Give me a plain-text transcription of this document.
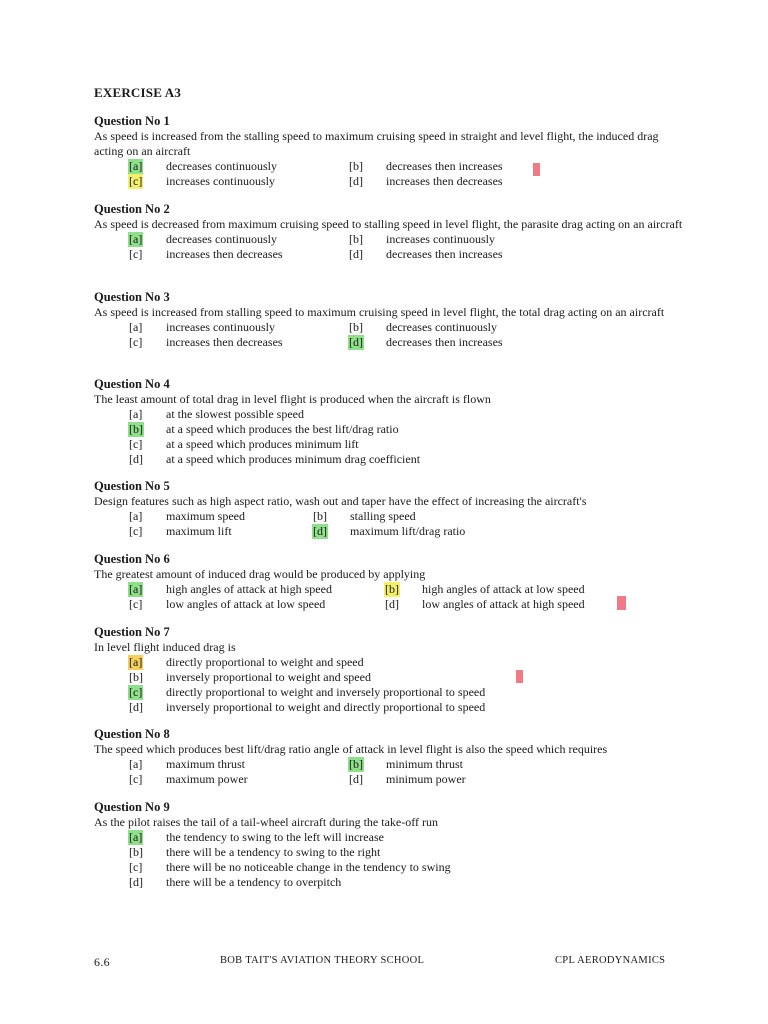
EXERCISE A3
Question No 1
As speed is increased from the stalling speed to maximum cruising speed in straight and level flight, the induced drag acting on an aircraft
[a] decreases continuously	[b] decreases then increases
[c] increases continuously	[d] increases then decreases
Question No 2
As speed is decreased from maximum cruising speed to stalling speed in level flight, the parasite drag acting on an aircraft
[a] decreases continuously	[b] increases continuously
[c] increases then decreases	[d] decreases then increases
Question No 3
As speed is increased from stalling speed to maximum cruising speed in level flight, the total drag acting on an aircraft
[a] increases continuously	[b] decreases continuously
[c] increases then decreases	[d] decreases then increases
Question No 4
The least amount of total drag in level flight is produced when the aircraft is flown
[a] at the slowest possible speed
[b] at a speed which produces the best lift/drag ratio
[c] at a speed which produces minimum lift
[d] at a speed which produces minimum drag coefficient
Question No 5
Design features such as high aspect ratio, wash out and taper have the effect of increasing the aircraft's
[a] maximum speed	[b] stalling speed
[c] maximum lift	[d] maximum lift/drag ratio
Question No 6
The greatest amount of induced drag would be produced by applying
[a] high angles of attack at high speed	[b] high angles of attack at low speed
[c] low angles of attack at low speed	[d] low angles of attack at high speed
Question No 7
In level flight induced drag is
[a] directly proportional to weight and speed
[b] inversely proportional to weight and speed
[c] directly proportional to weight and inversely proportional to speed
[d] inversely proportional to weight and directly proportional to speed
Question No 8
The speed which produces best lift/drag ratio angle of attack in level flight is also the speed which requires
[a] maximum thrust	[b] minimum thrust
[c] maximum power	[d] minimum power
Question No 9
As the pilot raises the tail of a tail-wheel aircraft during the take-off run
[a] the tendency to swing to the left will increase
[b] there will be a tendency to swing to the right
[c] there will be no noticeable change in the tendency to swing
[d] there will be a tendency to overpitch
6.6	BOB TAIT'S AVIATION THEORY SCHOOL	CPL AERODYNAMICS
